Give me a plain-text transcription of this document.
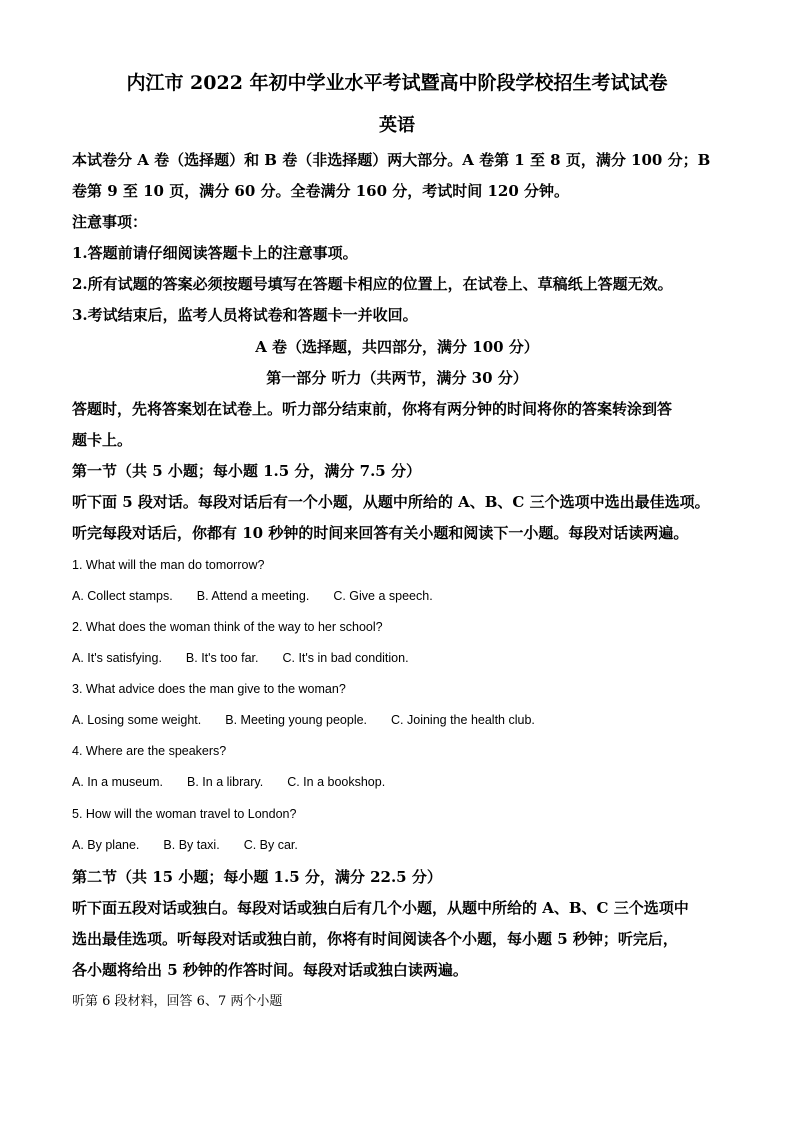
内江市 2022 年初中学业水平考试暨高中阶段学校招生考试试卷
英语
本试卷分 A 卷（选择题）和 B 卷（非选择题）两大部分。A 卷第 1 至 8 页，满分 100 分；B
卷第 9 至 10 页，满分 60 分。全卷满分 160 分，考试时间 120 分钟。
注意事项：
1.答题前请仔细阅读答题卡上的注意事项。
2.所有试题的答案必须按题号填写在答题卡相应的位置上，在试卷上、草稿纸上答题无效。
3.考试结束后，监考人员将试卷和答题卡一并收回。
A 卷（选择题，共四部分，满分 100 分）
第一部分 听力（共两节，满分 30 分）
答题时，先将答案划在试卷上。听力部分结束前，你将有两分钟的时间将你的答案转涂到答
题卡上。
第一节（共 5 小题；每小题 1.5 分，满分 7.5 分）
听下面 5 段对话。每段对话后有一个小题，从题中所给的 A、B、C 三个选项中选出最佳选项。
听完每段对话后，你都有 10 秒钟的时间来回答有关小题和阅读下一小题。每段对话读两遍。
1. What will the man do tomorrow?
A. Collect stamps. B. Attend a meeting. C. Give a speech.
2. What does the woman think of the way to her school?
A. It's satisfying. B. It's too far. C. It's in bad condition.
3. What advice does the man give to the woman?
A. Losing some weight. B. Meeting young people. C. Joining the health club.
4. Where are the speakers?
A. In a museum. B. In a library. C. In a bookshop.
5. How will the woman travel to London?
A. By plane. B. By taxi. C. By car.
第二节（共 15 小题；每小题 1.5 分，满分 22.5 分）
听下面五段对话或独白。每段对话或独白后有几个小题，从题中所给的 A、B、C 三个选项中
选出最佳选项。听每段对话或独白前，你将有时间阅读各个小题，每小题 5 秒钟；听完后，
各小题将给出 5 秒钟的作答时间。每段对话或独白读两遍。
听第 6 段材料，回答 6、7 两个小题
